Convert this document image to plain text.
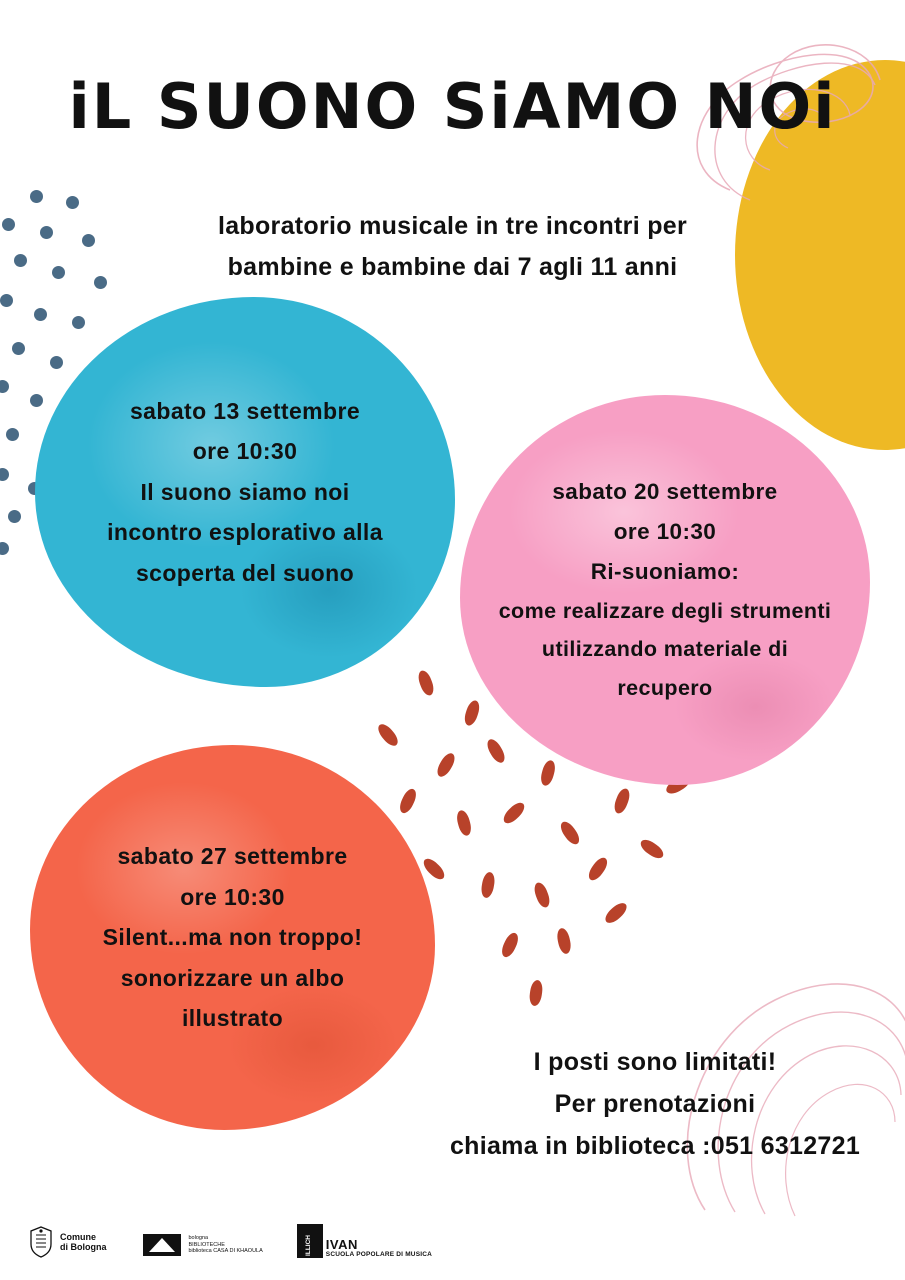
iL SUONO SiAMO NOi
laboratorio musicale in tre incontri per
bambine e bambine dai 7 agli 11 anni
sabato 13 settembre
ore 10:30
Il suono siamo noi
incontro esplorativo alla
scoperta del suono
sabato 20 settembre
ore 10:30
Ri-suoniamo:
come realizzare degli strumenti
utilizzando materiale di
recupero
sabato 27 settembre
ore 10:30
Silent...ma non troppo!
sonorizzare un albo
illustrato
I posti sono limitati!
Per prenotazioni
chiama in biblioteca :051 6312721
Comune
di Bologna
bologna
BIBLIOTECHE
biblioteca CASA DI KHAOULA	ILLICH IVAN
SCUOLA POPOLARE DI MUSICA
